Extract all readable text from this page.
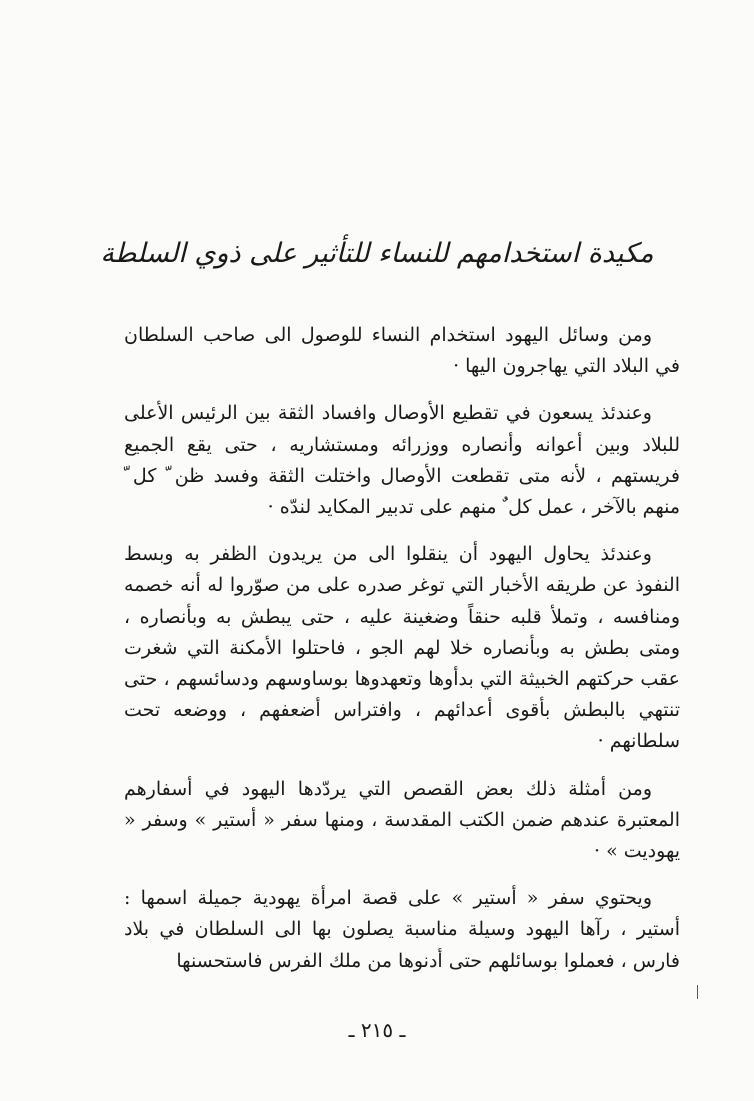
مكيدة استخدامهم للنساء للتأثير على ذوي السلطة

ومن وسائل اليهود استخدام النساء للوصول الى صاحب السلطان في البلاد التي يهاجرون اليها ·

وعندئذ يسعون في تقطيع الأوصال وافساد الثقة بين الرئيس الأعلى للبلاد وبين أعوانه وأنصاره ووزرائه ومستشاريه ، حتى يقع الجميع فريستهم ، لأنه متى تقطعت الأوصال واختلت الثقة وفسد ظن ّ كل ّ منهم بالآخر ، عمل كل ٌ منهم على تدبير المكايد لندّه ·

وعندئذ يحاول اليهود أن ينقلوا الى من يريدون الظفر به وبسط النفوذ عن طريقه الأخبار التي توغر صدره على من صوّروا له أنه خصمه ومنافسه ، وتملأ قلبه حنقاً وضغينة عليه ، حتى يبطش به وبأنصاره ، ومتى بطش به وبأنصاره خلا لهم الجو ، فاحتلوا الأمكنة التي شغرت عقب حركتهم الخبيثة التي بدأوها وتعهدوها بوساوسهم ودسائسهم ، حتى تنتهي بالبطش بأقوى أعدائهم ، وافتراس أضعفهم ، ووضعه تحت سلطانهم ·

ومن أمثلة ذلك بعض القصص التي يردّدها اليهود في أسفارهم المعتبرة عندهم ضمن الكتب المقدسة ، ومنها سفر « أستير » وسفر « يهوديت » ·

ويحتوي سفر « أستير » على قصة امرأة يهودية جميلة اسمها : أستير ، رآها اليهود وسيلة مناسبة يصلون بها الى السلطان في بلاد فارس ، فعملوا بوسائلهم حتى أدنوها من ملك الفرس فاستحسنها

ـ ٢١٥ ـ
